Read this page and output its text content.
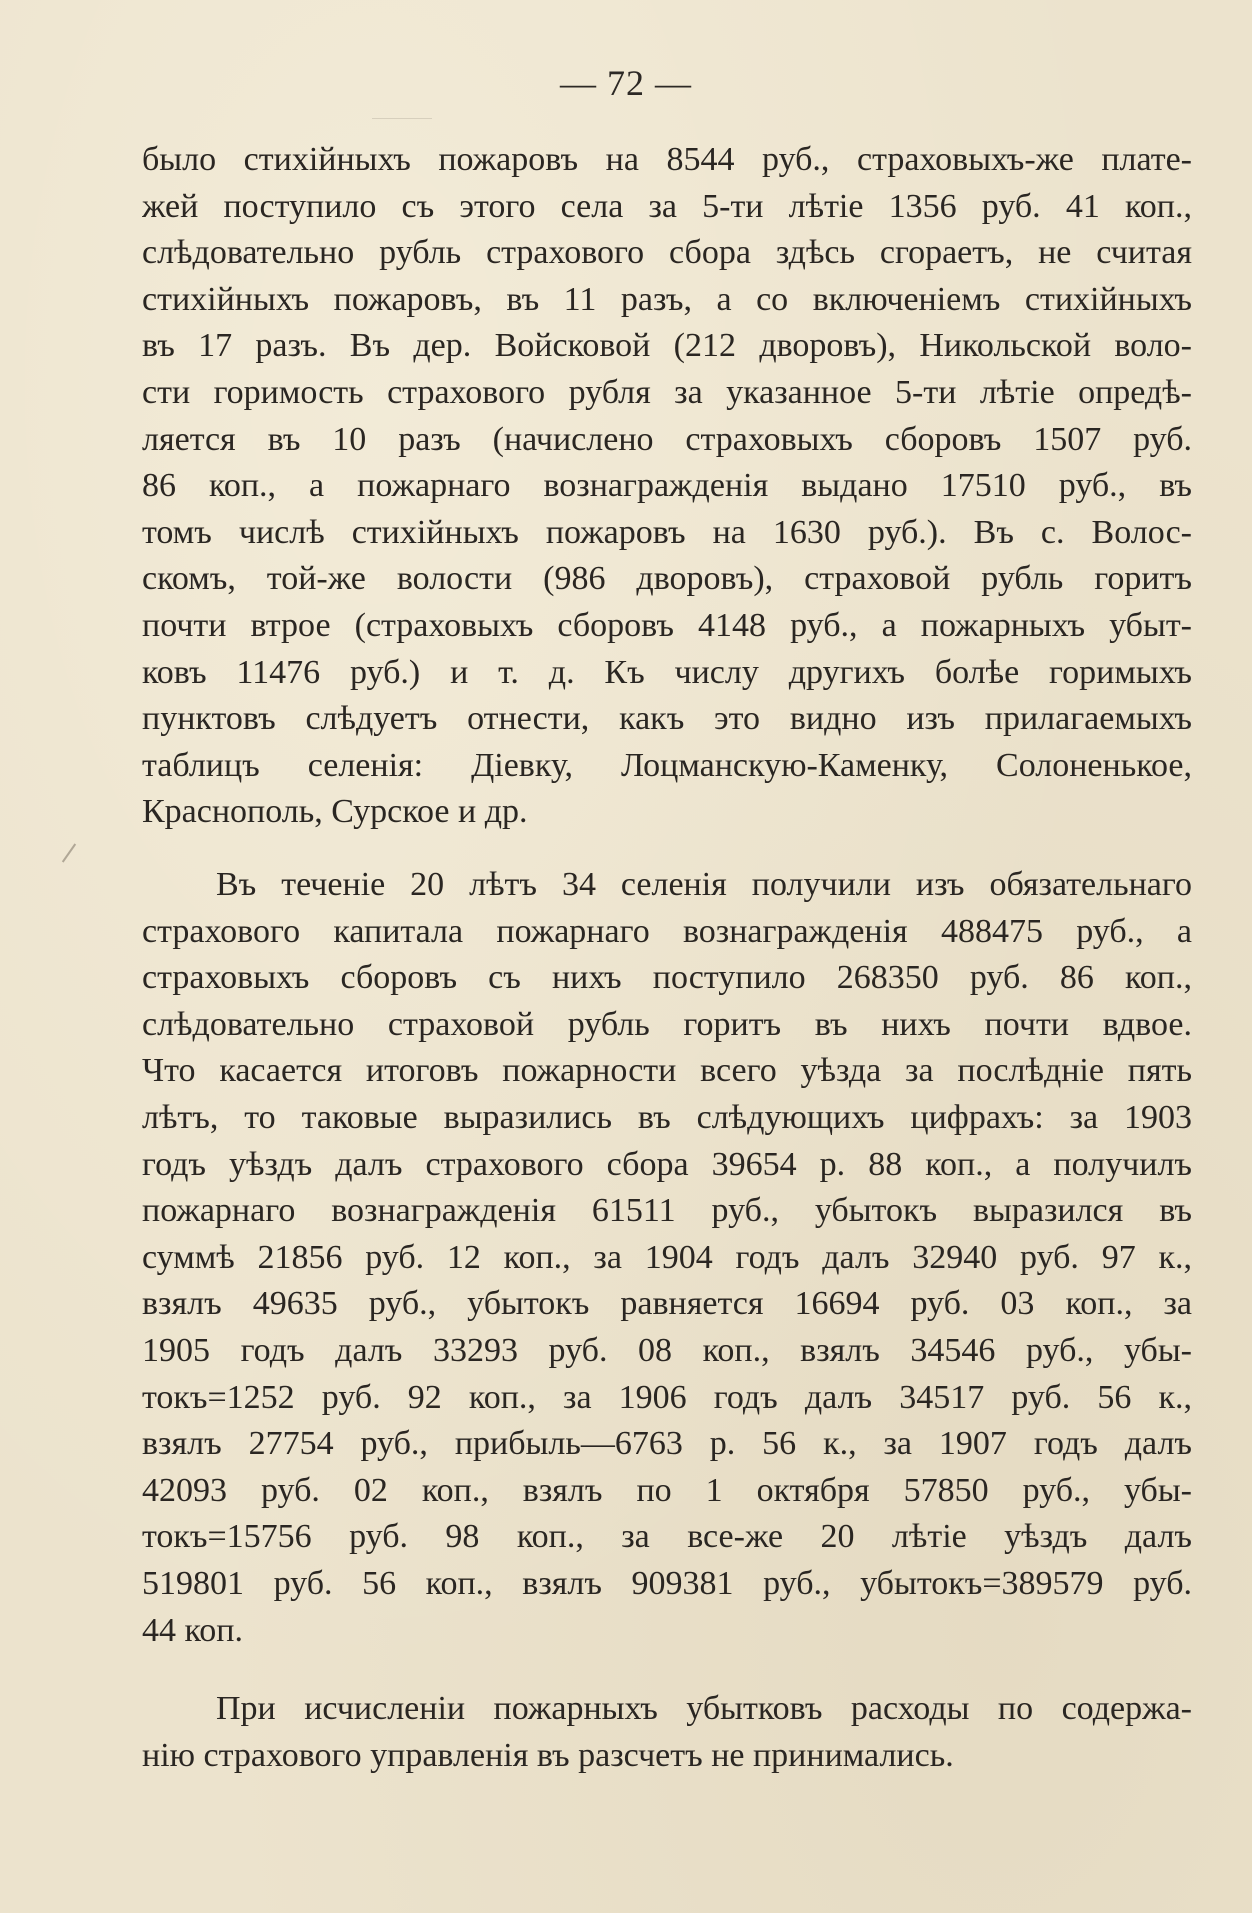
— 72 —
было стихiйныхъ пожаровъ на 8544 руб., страховыхъ-же плате-
жей поступило съ этого села за 5-ти лѣтiе 1356 руб. 41 коп.,
слѣдовательно рубль страхового сбора здѣсь сгораетъ, не считая
стихiйныхъ пожаровъ, въ 11 разъ, а со включенiемъ стихiйныхъ
въ 17 разъ. Въ дер. Войсковой (212 дворовъ), Никольской воло-
сти горимость страхового рубля за указанное 5-ти лѣтiе опредѣ-
ляется въ 10 разъ (начислено страховыхъ сборовъ 1507 руб.
86 коп., а пожарнаго вознагражденiя выдано 17510 руб., въ
томъ числѣ стихiйныхъ пожаровъ на 1630 руб.). Въ с. Волос-
скомъ, той-же волости (986 дворовъ), страховой рубль горитъ
почти втрое (страховыхъ сборовъ 4148 руб., а пожарныхъ убыт-
ковъ 11476 руб.) и т. д. Къ числу другихъ болѣе горимыхъ
пунктовъ слѣдуетъ отнести, какъ это видно изъ прилагаемыхъ
таблицъ селенiя: Дiевку, Лоцманскую-Каменку, Солоненькое,
Краснополь, Сурское и др.
Въ теченiе 20 лѣтъ 34 селенiя получили изъ обязательнаго
страхового капитала пожарнаго вознагражденiя 488475 руб., а
страховыхъ сборовъ съ нихъ поступило 268350 руб. 86 коп.,
слѣдовательно страховой рубль горитъ въ нихъ почти вдвое.
Что касается итоговъ пожарности всего уѣзда за послѣднiе пять
лѣтъ, то таковые выразились въ слѣдующихъ цифрахъ: за 1903
годъ уѣздъ далъ страхового сбора 39654 р. 88 коп., а получилъ
пожарнаго вознагражденiя 61511 руб., убытокъ выразился въ
суммѣ 21856 руб. 12 коп., за 1904 годъ далъ 32940 руб. 97 к.,
взялъ 49635 руб., убытокъ равняется 16694 руб. 03 коп., за
1905 годъ далъ 33293 руб. 08 коп., взялъ 34546 руб., убы-
токъ=1252 руб. 92 коп., за 1906 годъ далъ 34517 руб. 56 к.,
взялъ 27754 руб., прибыль—6763 р. 56 к., за 1907 годъ далъ
42093 руб. 02 коп., взялъ по 1 октября 57850 руб., убы-
токъ=15756 руб. 98 коп., за все-же 20 лѣтiе уѣздъ далъ
519801 руб. 56 коп., взялъ 909381 руб., убытокъ=389579 руб.
44 коп.
При исчисленiи пожарныхъ убытковъ расходы по содержа-
нiю страхового управленiя въ разсчетъ не принимались.
